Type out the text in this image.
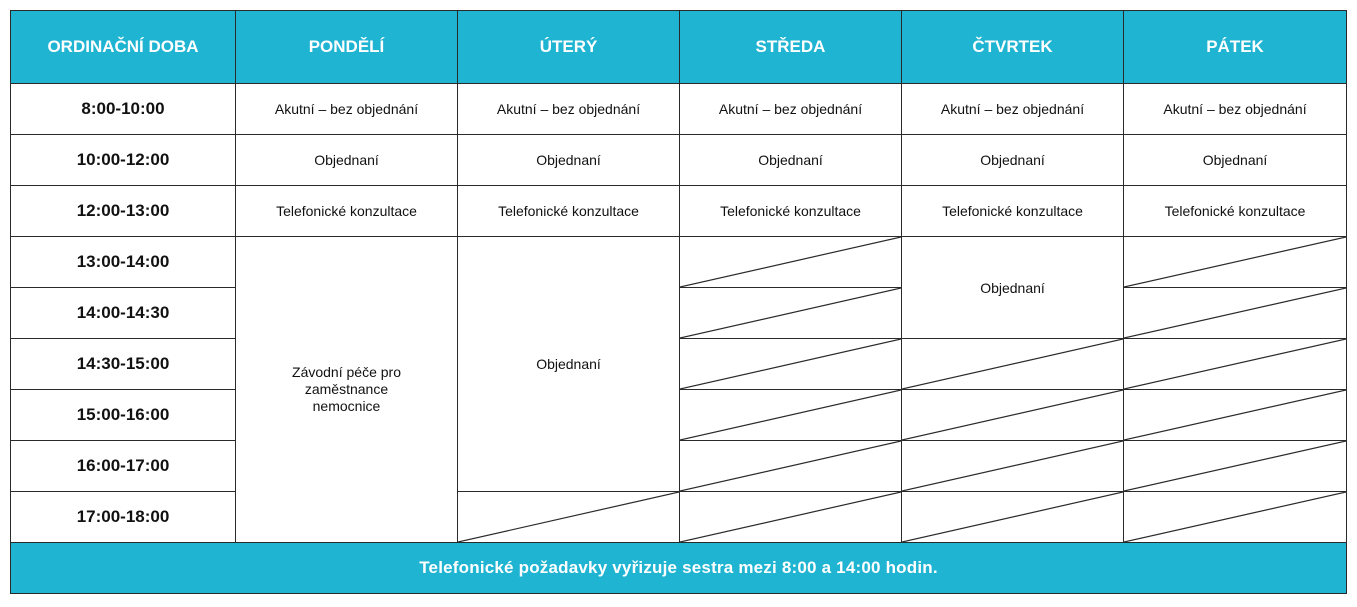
ORDINAČNÍ DOBA	PONDĚLÍ	ÚTERÝ	STŘEDA	ČTVRTEK	PÁTEK
8:00-10:00	Akutní – bez objednání	Akutní – bez objednání	Akutní – bez objednání	Akutní – bez objednání	Akutní – bez objednání
10:00-12:00	Objednaní	Objednaní	Objednaní	Objednaní	Objednaní
12:00-13:00	Telefonické konzultace	Telefonické konzultace	Telefonické konzultace	Telefonické konzultace	Telefonické konzultace
13:00-14:00	Závodní péče pro zaměstnance nemocnice	Objednaní		Objednaní	

14:00-14:30	

14:30-15:00	

15:00-16:00	

16:00-17:00	

17:00-18:00	

Telefonické požadavky vyřizuje sestra mezi 8:00 a 14:00 hodin.					
